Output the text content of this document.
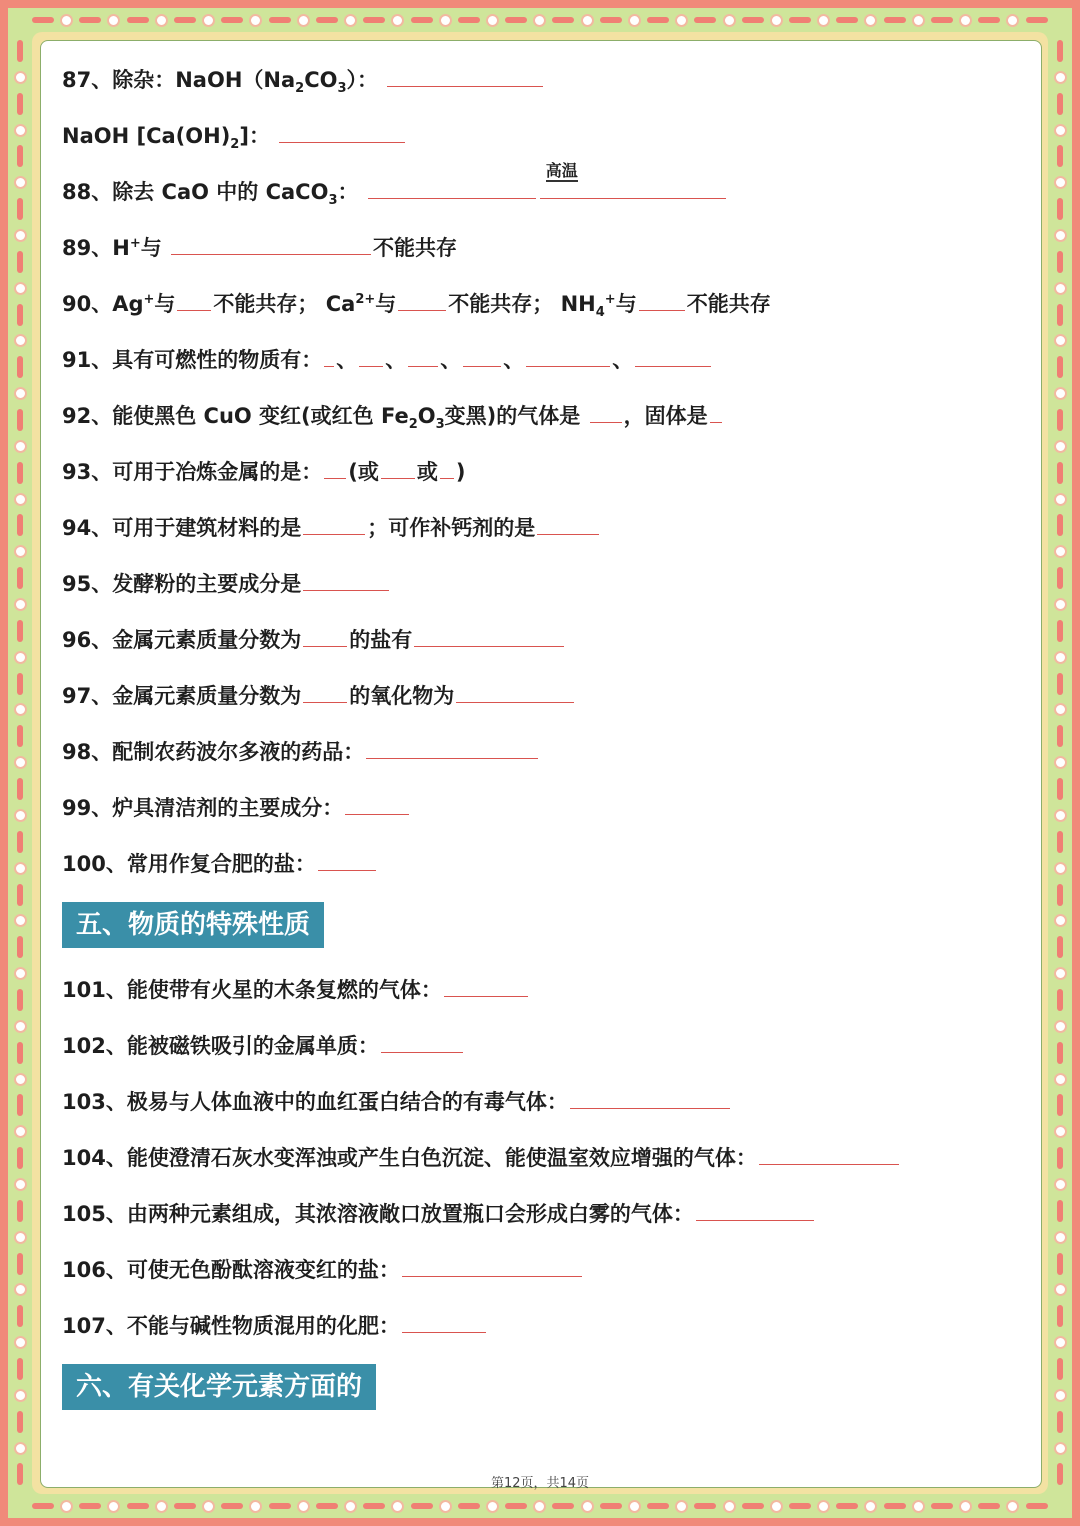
87、除杂：$NaOH(Na_2CO_3)$：
NaOH $[Ca(OH)_2]$：
88、除去 CaO 中的 CaCO$_3$：
高温
89、H+与	不能共存
90、Ag+与 不能共存； $Ca^{2+}$与 不能共存； $NH_4^+$与 不能共存
91、具有可燃性的物质有： 、 、 、 、	、
92、能使黑色 CuO 变红(或红色 $Fe_2O_3$变黑)的气体是 ，固体是
93、可用于冶炼金属的是： (或 或 )
94、可用于建筑材料的是	；可作补钙剂的是
95、发酵粉的主要成分是
96、金属元素质量分数为 的盐有
97、金属元素质量分数为 的氧化物为
98、配制农药波尔多液的药品：
99、炉具清洁剂的主要成分：
100、常用作复合肥的盐：
五、物质的特殊性质
101、能使带有火星的木条复燃的气体：
102、能被磁铁吸引的金属单质：
103、极易与人体血液中的血红蛋白结合的有毒气体：
104、能使澄清石灰水变浑浊或产生白色沉淀、能使温室效应增强的气体：
105、由两种元素组成，其浓溶液敞口放置瓶口会形成白雾的气体：
106、可使无色酚酞溶液变红的盐：
107、不能与碱性物质混用的化肥：
六、有关化学元素方面的
第12页，共14页
